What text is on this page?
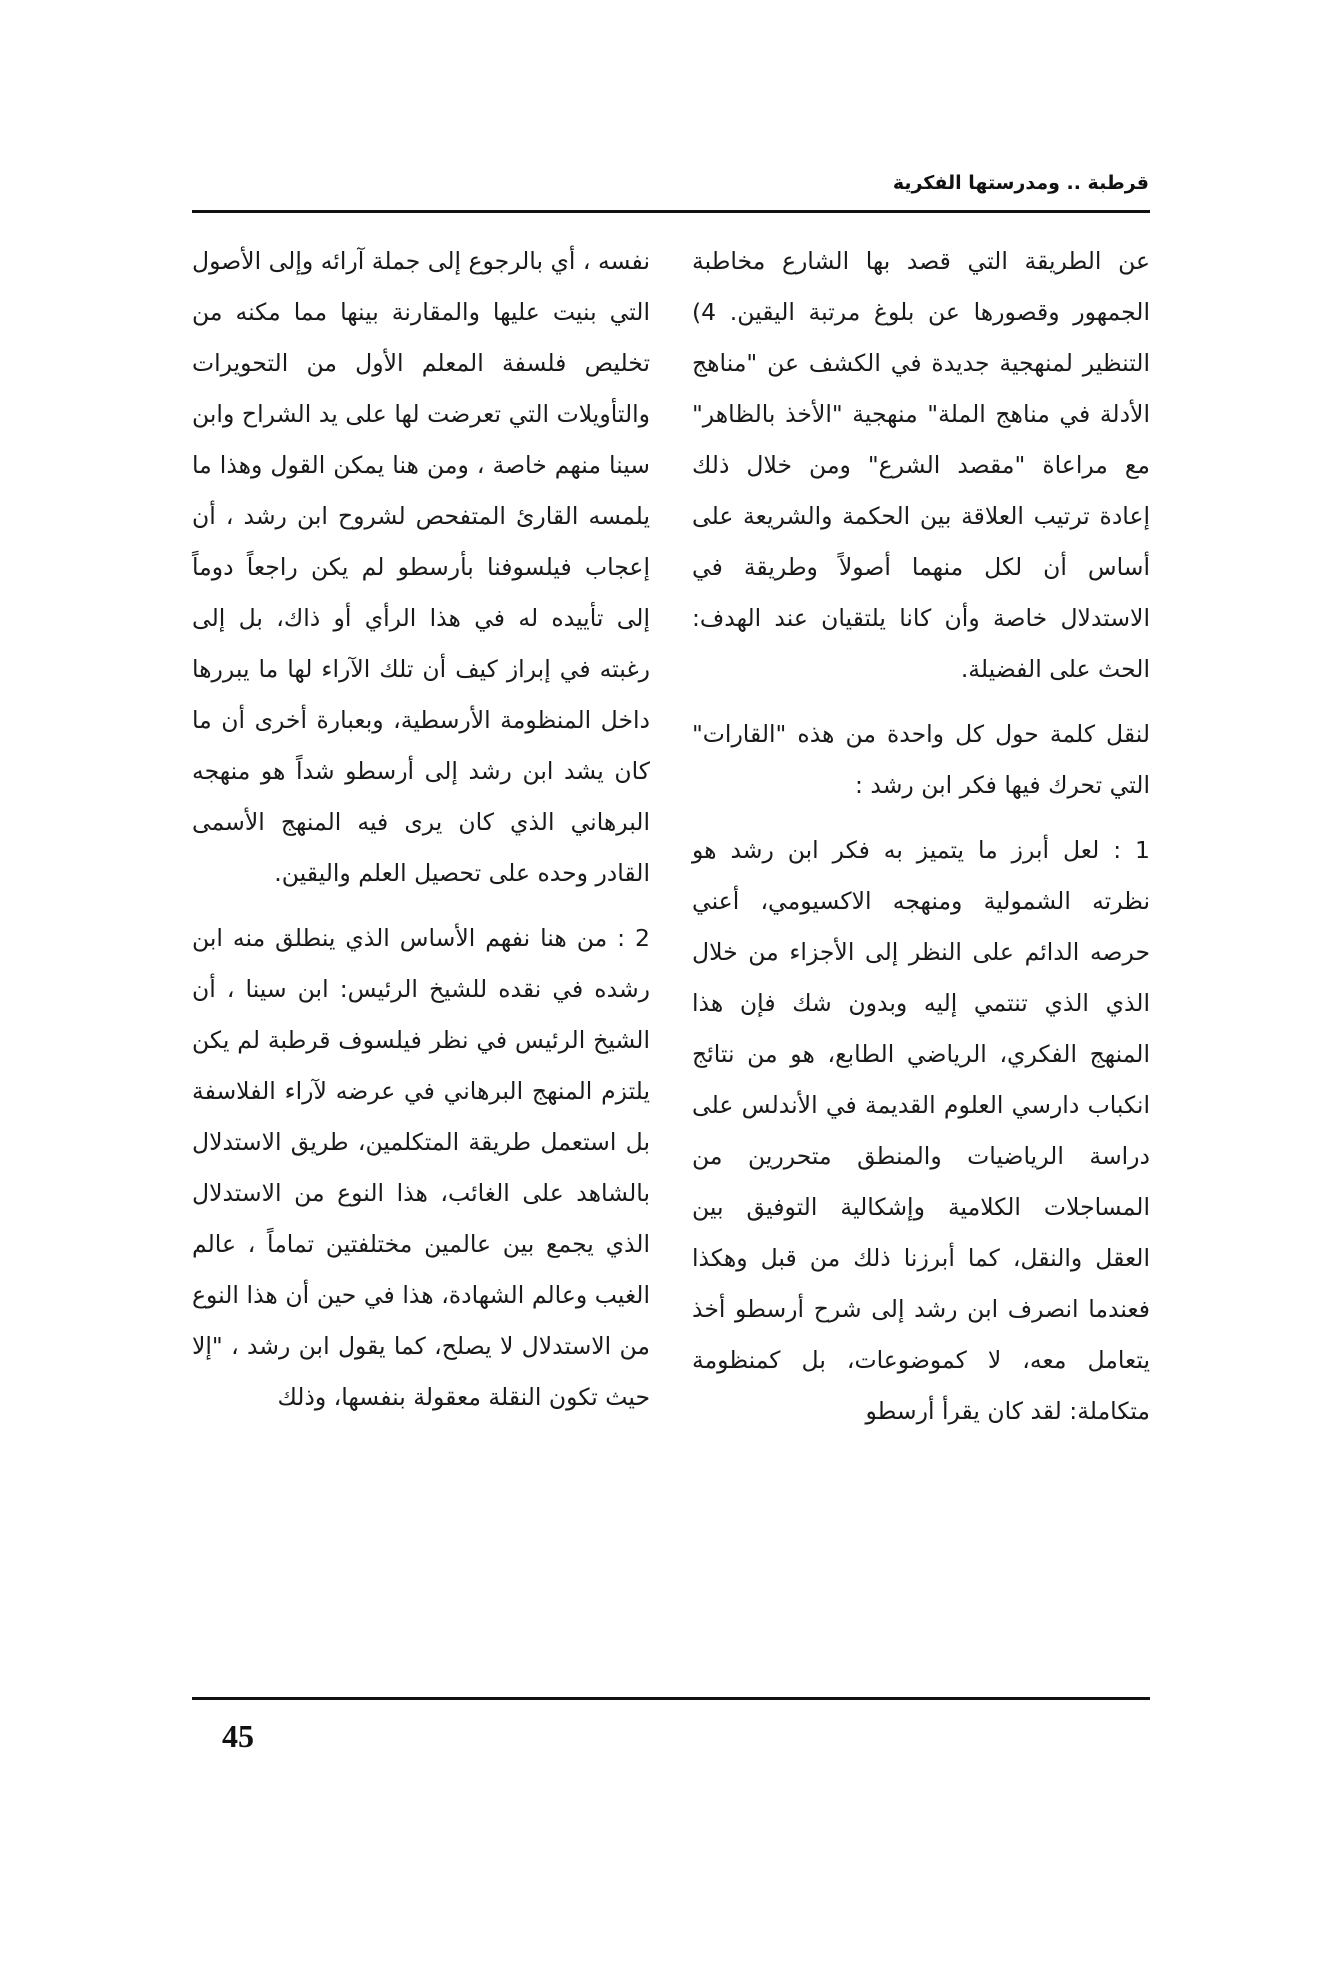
قرطبة .. ومدرستها الفكرية

عن الطريقة التي قصد بها الشارع مخاطبة الجمهور وقصورها عن بلوغ مرتبة اليقين. 4) التنظير لمنهجية جديدة في الكشف عن "مناهج الأدلة في مناهج الملة" منهجية "الأخذ بالظاهر" مع مراعاة "مقصد الشرع" ومن خلال ذلك إعادة ترتيب العلاقة بين الحكمة والشريعة على أساس أن لكل منهما أصولاً وطريقة في الاستدلال خاصة وأن كانا يلتقيان عند الهدف: الحث على الفضيلة.

لنقل كلمة حول كل واحدة من هذه "القارات" التي تحرك فيها فكر ابن رشد :

1 : لعل أبرز ما يتميز به فكر ابن رشد هو نظرته الشمولية ومنهجه الاكسيومي، أعني حرصه الدائم على النظر إلى الأجزاء من خلال الذي الذي تنتمي إليه وبدون شك فإن هذا المنهج الفكري، الرياضي الطابع، هو من نتائج انكباب دارسي العلوم القديمة في الأندلس على دراسة الرياضيات والمنطق متحررين من المساجلات الكلامية وإشكالية التوفيق بين العقل والنقل، كما أبرزنا ذلك من قبل وهكذا فعندما انصرف ابن رشد إلى شرح أرسطو أخذ يتعامل معه، لا كموضوعات، بل كمنظومة متكاملة: لقد كان يقرأ أرسطو

نفسه ، أي بالرجوع إلى جملة آرائه وإلى الأصول التي بنيت عليها والمقارنة بينها مما مكنه من تخليص فلسفة المعلم الأول من التحويرات والتأويلات التي تعرضت لها على يد الشراح وابن سينا منهم خاصة ، ومن هنا يمكن القول وهذا ما يلمسه القارئ المتفحص لشروح ابن رشد ، أن إعجاب فيلسوفنا بأرسطو لم يكن راجعاً دوماً إلى تأييده له في هذا الرأي أو ذاك، بل إلى رغبته في إبراز كيف أن تلك الآراء لها ما يبررها داخل المنظومة الأرسطية، وبعبارة أخرى أن ما كان يشد ابن رشد إلى أرسطو شداً هو منهجه البرهاني الذي كان يرى فيه المنهج الأسمى القادر وحده على تحصيل العلم واليقين.

2 : من هنا نفهم الأساس الذي ينطلق منه ابن رشده في نقده للشيخ الرئيس: ابن سينا ، أن الشيخ الرئيس في نظر فيلسوف قرطبة لم يكن يلتزم المنهج البرهاني في عرضه لآراء الفلاسفة بل استعمل طريقة المتكلمين، طريق الاستدلال بالشاهد على الغائب، هذا النوع من الاستدلال الذي يجمع بين عالمين مختلفتين تماماً ، عالم الغيب وعالم الشهادة، هذا في حين أن هذا النوع من الاستدلال لا يصلح، كما يقول ابن رشد ، "إلا حيث تكون النقلة معقولة بنفسها، وذلك

45
